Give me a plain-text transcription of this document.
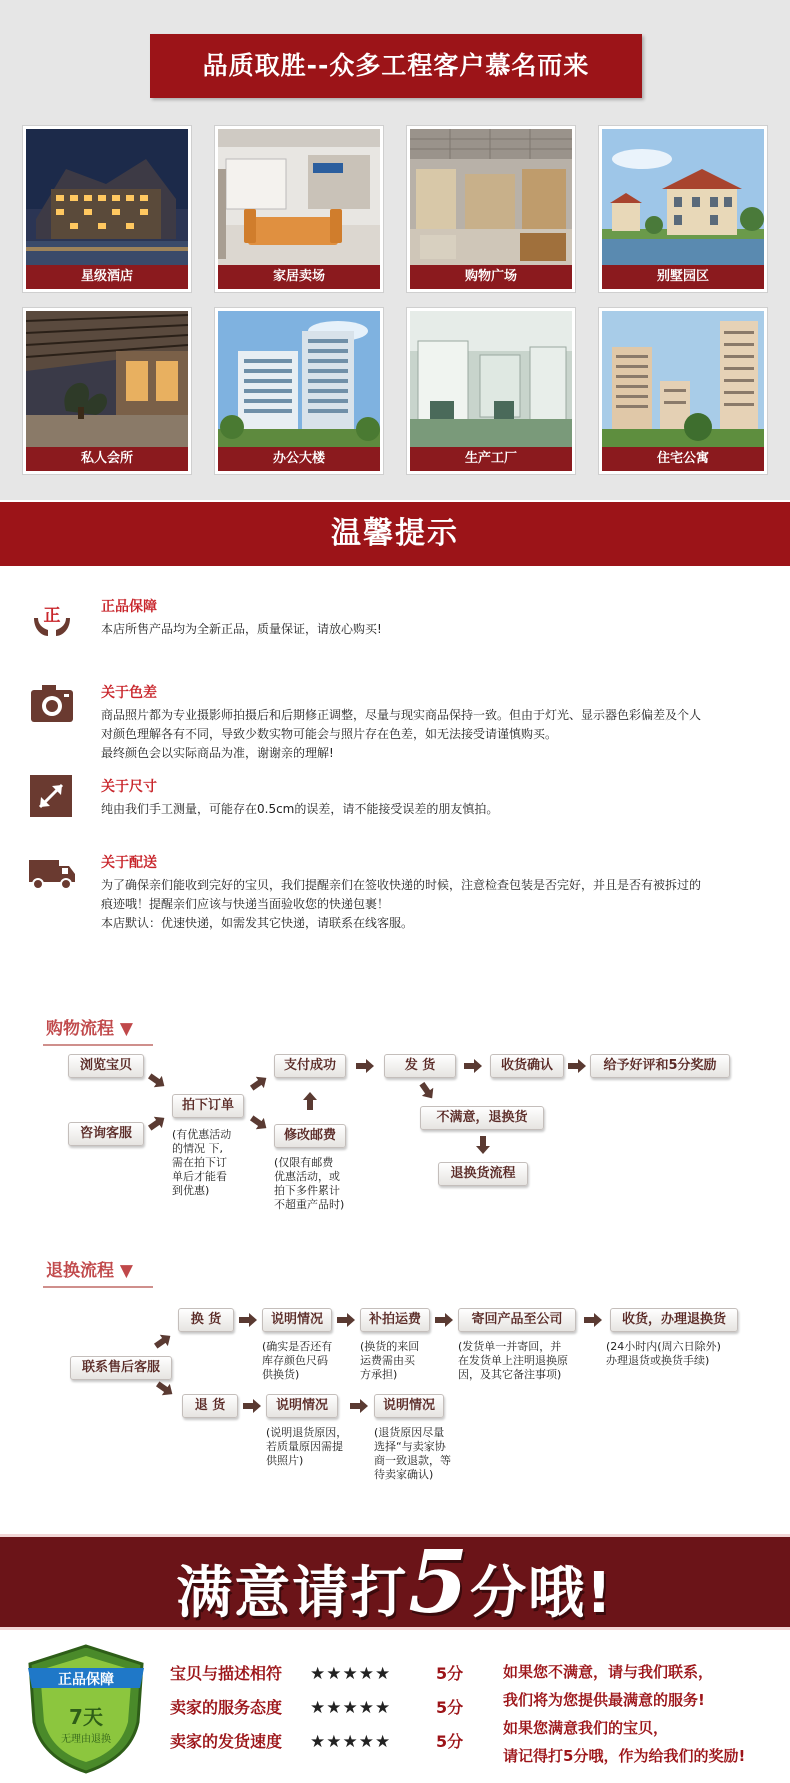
品质取胜--众多工程客户慕名而来
星级酒店	家居卖场	购物广场	别墅园区
私人会所	办公大楼	生产工厂	住宅公寓
温馨提示
正	正品保障
本店所售产品均为全新正品，质量保证，请放心购买!
关于色差
商品照片都为专业摄影师拍摄后和后期修正调整，尽量与现实商品保持一致。但由于灯光、显示器色彩偏差及个人
对颜色理解各有不同，导致少数实物可能会与照片存在色差，如无法接受请谨慎购买。
最终颜色会以实际商品为准，谢谢亲的理解!
关于尺寸
纯由我们手工测量，可能存在0.5cm的误差，请不能接受误差的朋友慎拍。
关于配送
为了确保亲们能收到完好的宝贝，我们提醒亲们在签收快递的时候，注意检查包装是否完好，并且是否有被拆过的
痕迹哦！提醒亲们应该与快递当面验收您的快递包裹！
本店默认：优速快递，如需发其它快递，请联系在线客服。
购物流程 ▼
浏览宝贝
咨询客服
拍下订单
(有优惠活动
的情况 下,
需在拍下订
单后才能看
到优惠)
支付成功
修改邮费
(仅限有邮费
优惠活动，或
拍下多件累计
不超重产品时)
发 货
不满意，退换货
退换货流程
收货确认	给予好评和5分奖励
退换流程 ▼
联系售后客服
换 货	说明情况
(确实是否还有
库存颜色尺码
供换货)
补拍运费
(换货的来回
运费需由买
方承担)
寄回产品至公司
(发货单一并寄回，并
在发货单上注明退换原
因，及其它备注事项)
收货，办理退换货
(24小时内(周六日除外)
办理退货或换货手续)
退 货	说明情况
(说明退货原因，
若质量原因需提
供照片)
说明情况
(退货原因尽量
选择“与卖家协
商一致退款，等
待卖家确认)
满意请打5分哦!
正品保障
7天
无理由退换
宝贝与描述相符 ★★★★★	5分
卖家的服务态度 ★★★★★	5分
卖家的发货速度 ★★★★★	5分
如果您不满意，请与我们联系，
我们将为您提供最满意的服务!
如果您满意我们的宝贝，
请记得打5分哦，作为给我们的奖励!
